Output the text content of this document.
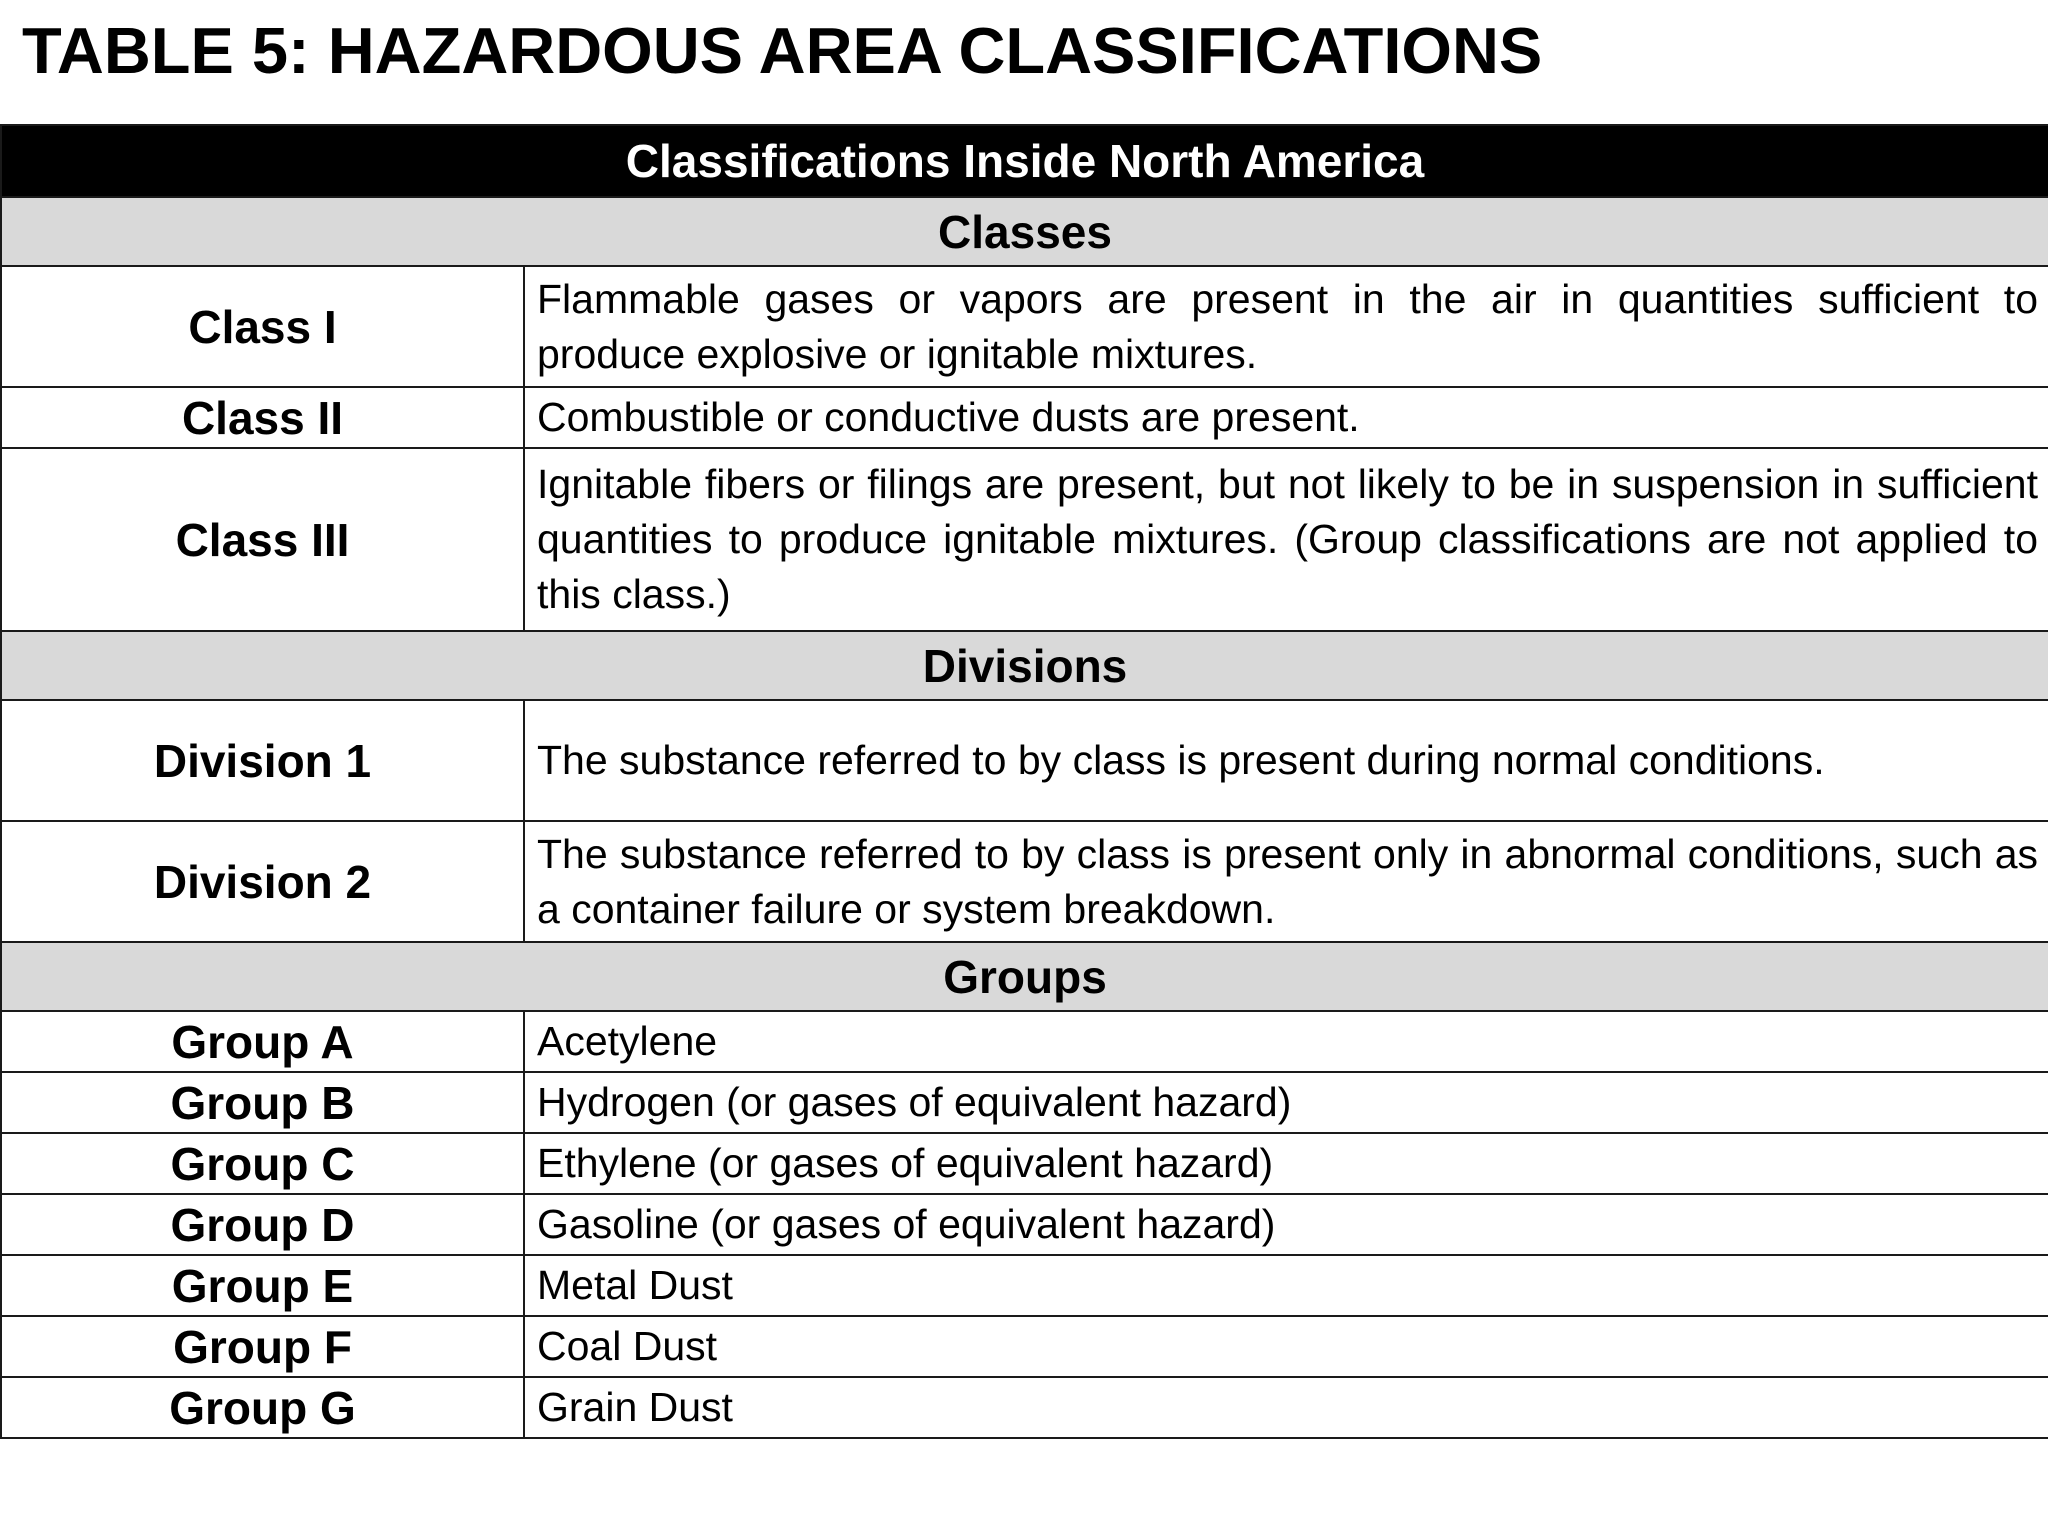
TABLE 5: HAZARDOUS AREA CLASSIFICATIONS
Classifications Inside North America	
Classes	
Class I	Flammable gases or vapors are present in the air in quantities sufficient to produce explosive or ignitable mixtures.
Class II	Combustible or conductive dusts are present.
Class III	Ignitable fibers or filings are present, but not likely to be in suspension in sufficient quantities to produce ignitable mixtures. (Group classifications are not applied to this class.)
Divisions	
Division 1	The substance referred to by class is present during normal conditions.
Division 2	The substance referred to by class is present only in abnormal conditions, such as a container failure or system breakdown.
Groups	
Group A	Acetylene
Group B	Hydrogen (or gases of equivalent hazard)
Group C	Ethylene (or gases of equivalent hazard)
Group D	Gasoline (or gases of equivalent hazard)
Group E	Metal Dust
Group F	Coal Dust
Group G	Grain Dust
